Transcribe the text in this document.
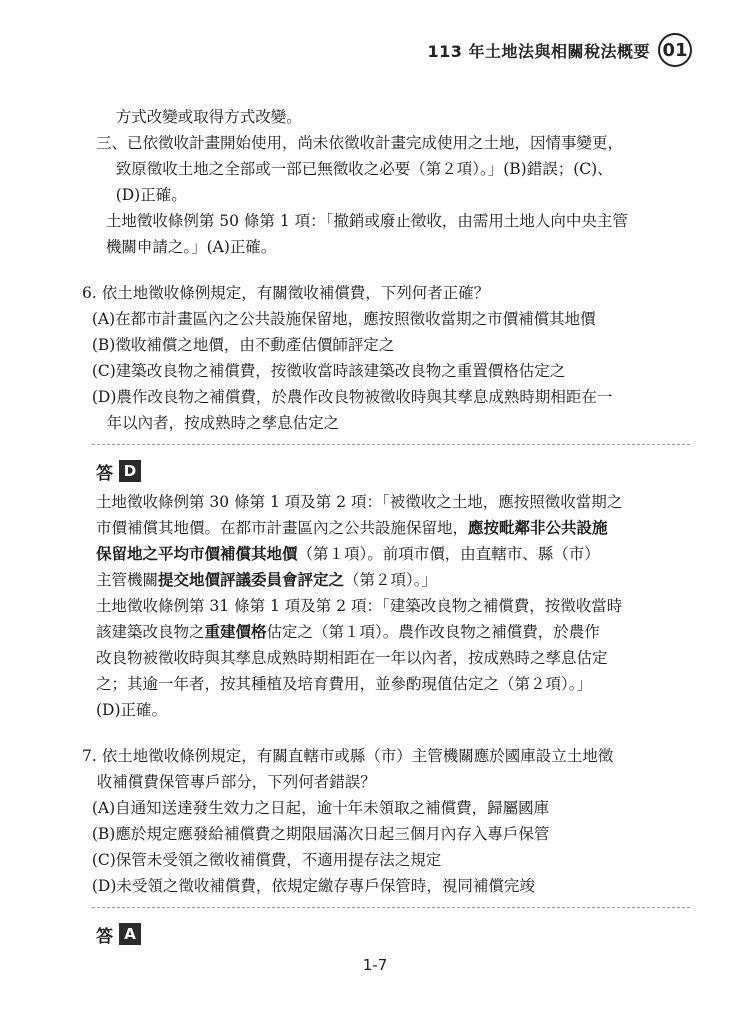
113 年土地法與相關稅法概要 01
方式改變或取得方式改變。
三、已依徵收計畫開始使用，尚未依徵收計畫完成使用之土地，因情事變更，
致原徵收土地之全部或一部已無徵收之必要（第２項）。」(B)錯誤；(C)、
(D)正確。
土地徵收條例第 50 條第 1 項：「撤銷或廢止徵收，由需用土地人向中央主管
機關申請之。」(A)正確。
6. 依土地徵收條例規定，有關徵收補償費，下列何者正確？
(A)在都市計畫區內之公共設施保留地，應按照徵收當期之市價補償其地價
(B)徵收補償之地價，由不動產估價師評定之
(C)建築改良物之補償費，按徵收當時該建築改良物之重置價格估定之
(D)農作改良物之補償費，於農作改良物被徵收時與其孳息成熟時期相距在一
年以內者，按成熟時之孳息估定之
答 D
土地徵收條例第 30 條第 1 項及第 2 項：「被徵收之土地，應按照徵收當期之
市價補償其地價。在都市計畫區內之公共設施保留地，應按毗鄰非公共設施
保留地之平均市價補償其地價（第１項）。前項市價，由直轄市、縣（市）
主管機關提交地價評議委員會評定之（第２項）。」
土地徵收條例第 31 條第 1 項及第 2 項：「建築改良物之補償費，按徵收當時
該建築改良物之重建價格估定之（第１項）。農作改良物之補償費，於農作
改良物被徵收時與其孳息成熟時期相距在一年以內者，按成熟時之孳息估定
之；其逾一年者，按其種植及培育費用，並參酌現值估定之（第２項）。」
(D)正確。
7. 依土地徵收條例規定，有關直轄市或縣（市）主管機關應於國庫設立土地徵
收補償費保管專戶部分，下列何者錯誤？
(A)自通知送達發生效力之日起，逾十年未領取之補償費，歸屬國庫
(B)應於規定應發給補償費之期限屆滿次日起三個月內存入專戶保管
(C)保管未受領之徵收補償費，不適用提存法之規定
(D)未受領之徵收補償費，依規定繳存專戶保管時，視同補償完竣
答 A
1-7
